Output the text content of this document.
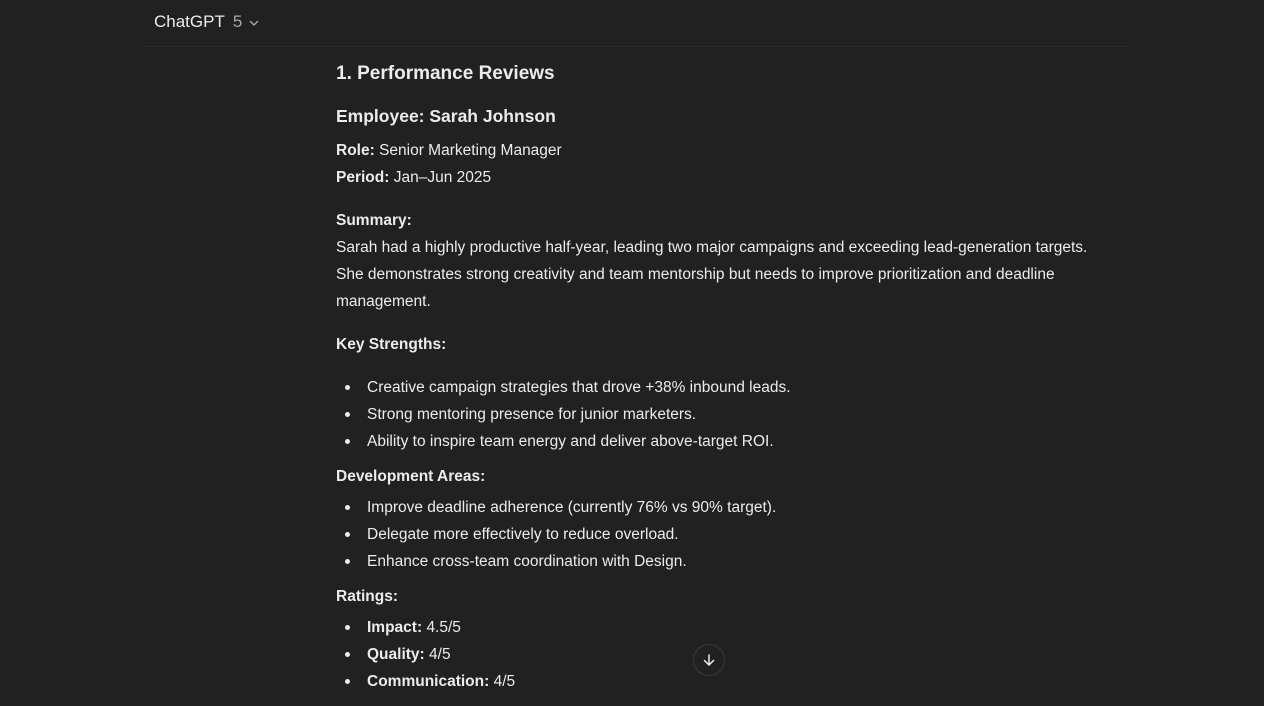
ChatGPT 5
1. Performance Reviews
Employee: Sarah Johnson
Role: Senior Marketing Manager
Period: Jan–Jun 2025
Summary:
Sarah had a highly productive half-year, leading two major campaigns and exceeding lead-generation targets. She demonstrates strong creativity and team mentorship but needs to improve prioritization and deadline management.
Key Strengths:
Creative campaign strategies that drove +38% inbound leads.
Strong mentoring presence for junior marketers.
Ability to inspire team energy and deliver above-target ROI.
Development Areas:
Improve deadline adherence (currently 76% vs 90% target).
Delegate more effectively to reduce overload.
Enhance cross-team coordination with Design.
Ratings:
Impact: 4.5/5
Quality: 4/5
Communication: 4/5
